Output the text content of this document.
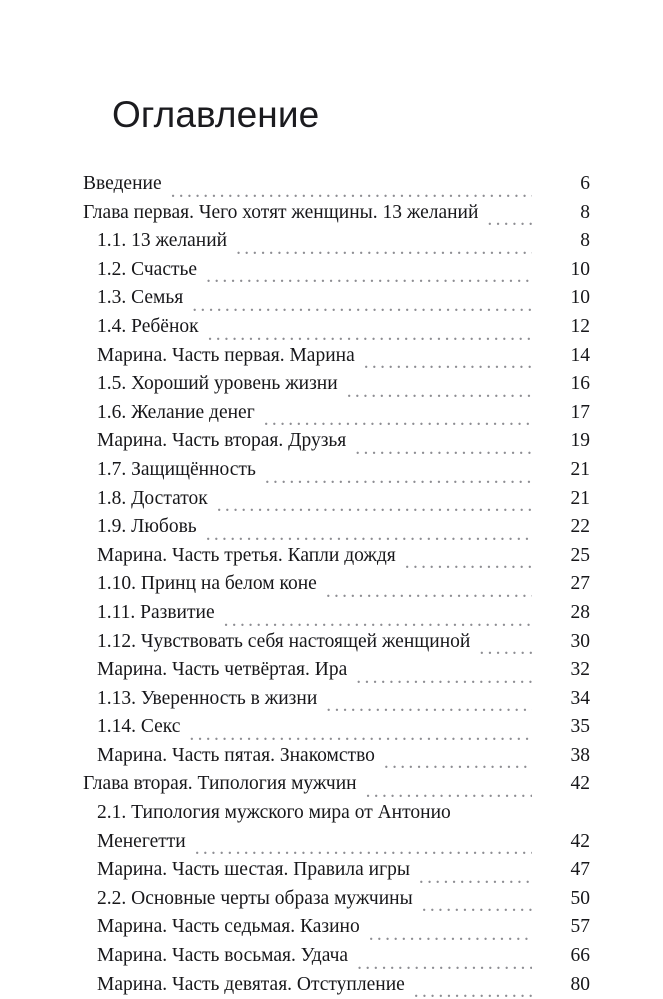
Оглавление
Введение .....	6
Глава первая. Чего хотят женщины. 13 желаний .....	8
1.1. 13 желаний .....	8
1.2. Счастье .....	10
1.3. Семья .....	10
1.4. Ребёнок .....	12
Марина. Часть первая. Марина .....	14
1.5. Хороший уровень жизни .....	16
1.6. Желание денег .....	17
Марина. Часть вторая. Друзья .....	19
1.7. Защищённость .....	21
1.8. Достаток .....	21
1.9. Любовь .....	22
Марина. Часть третья. Капли дождя .....	25
1.10. Принц на белом коне .....	27
1.11. Развитие .....	28
1.12. Чувствовать себя настоящей женщиной .....	30
Марина. Часть четвёртая. Ира .....	32
1.13. Уверенность в жизни .....	34
1.14. Секс .....	35
Марина. Часть пятая. Знакомство .....	38
Глава вторая. Типология мужчин .....	42
2.1. Типология мужского мира от Антонио
Менегетти .....	42
Марина. Часть шестая. Правила игры .....	47
2.2. Основные черты образа мужчины .....	50
Марина. Часть седьмая. Казино .....	57
Марина. Часть восьмая. Удача .....	66
Марина. Часть девятая. Отступление .....	80
